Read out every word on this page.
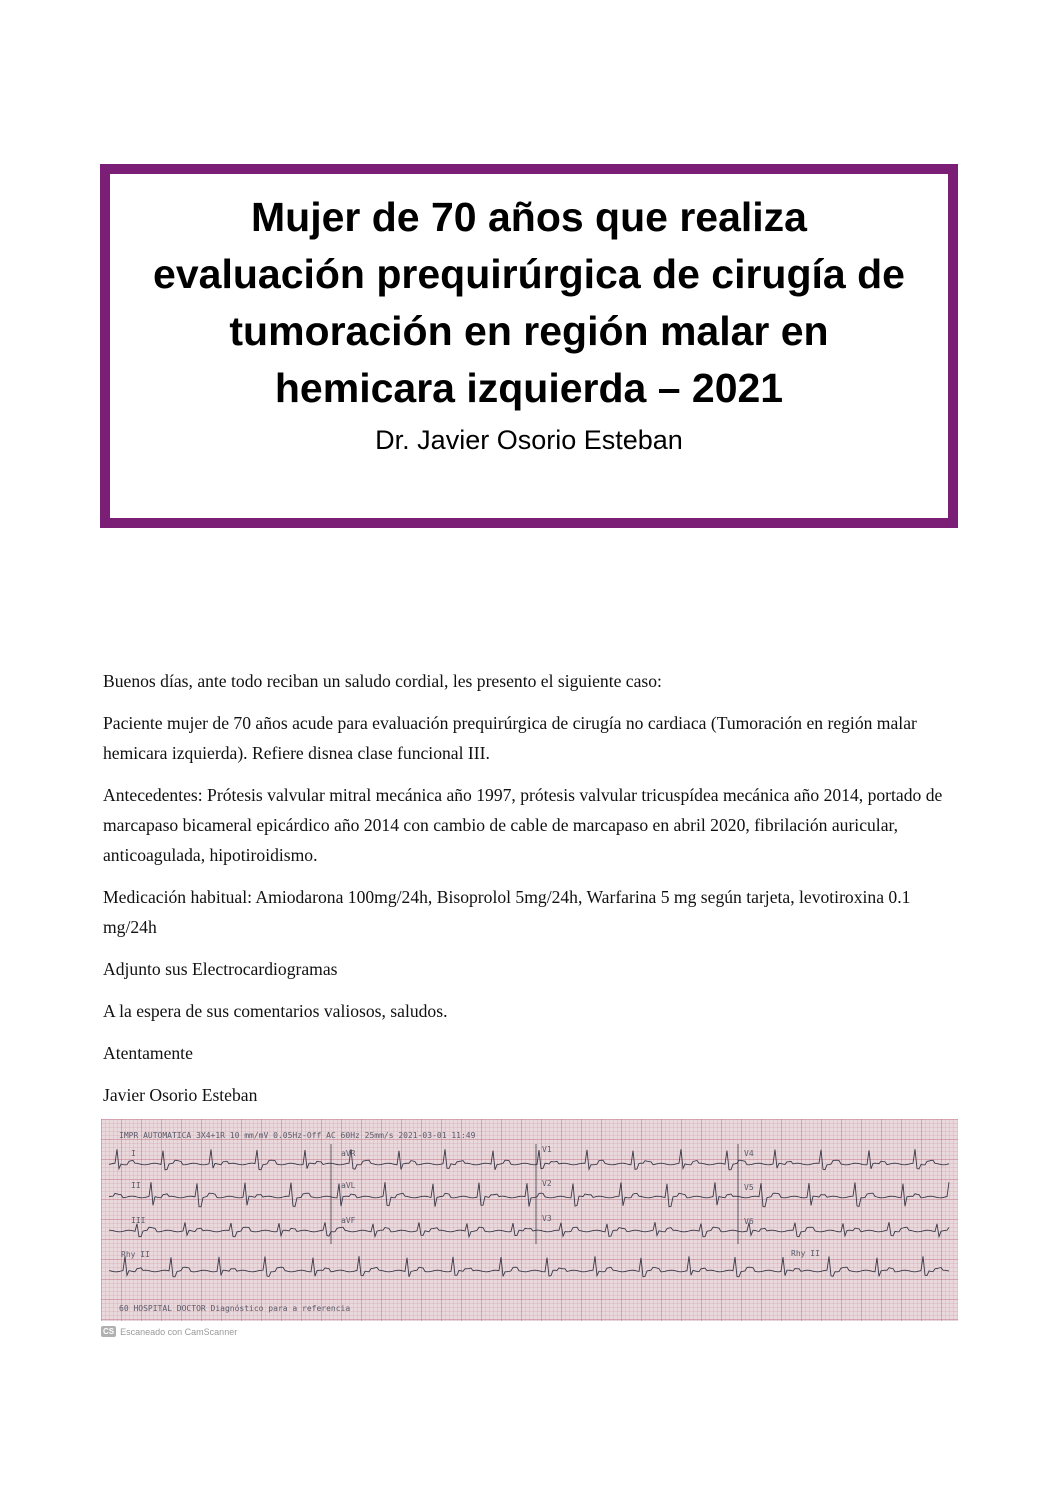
Mujer de 70 años que realiza evaluación prequirúrgica de cirugía de tumoración en región malar en hemicara izquierda – 2021
Dr. Javier Osorio Esteban

Buenos días, ante todo reciban un saludo cordial, les presento el siguiente caso:

Paciente mujer de 70 años acude para evaluación prequirúrgica de cirugía no cardiaca (Tumoración en región malar hemicara izquierda). Refiere disnea clase funcional III.

Antecedentes: Prótesis valvular mitral mecánica año 1997, prótesis valvular tricuspídea mecánica año 2014, portado de marcapaso bicameral epicárdico año 2014 con cambio de cable de marcapaso en abril 2020, fibrilación auricular, anticoagulada, hipotiroidismo.

Medicación habitual: Amiodarona 100mg/24h, Bisoprolol 5mg/24h, Warfarina 5 mg según tarjeta, levotiroxina 0.1 mg/24h

Adjunto sus Electrocardiogramas

A la espera de sus comentarios valiosos, saludos.

Atentamente

Javier Osorio Esteban

IMPR AUTOMATICA 3X4+1R 10 mm/mV 0.05Hz-Off AC 60Hz 25mm/s 2021-03-01 11:49
I
II
III
aVR
aVL
aVF
V1
V2
V3
V4
V5
V6
Rhy II	Rhy II
60 HOSPITAL DOCTOR Diagnóstico para a referencia
CS Escaneado con CamScanner
